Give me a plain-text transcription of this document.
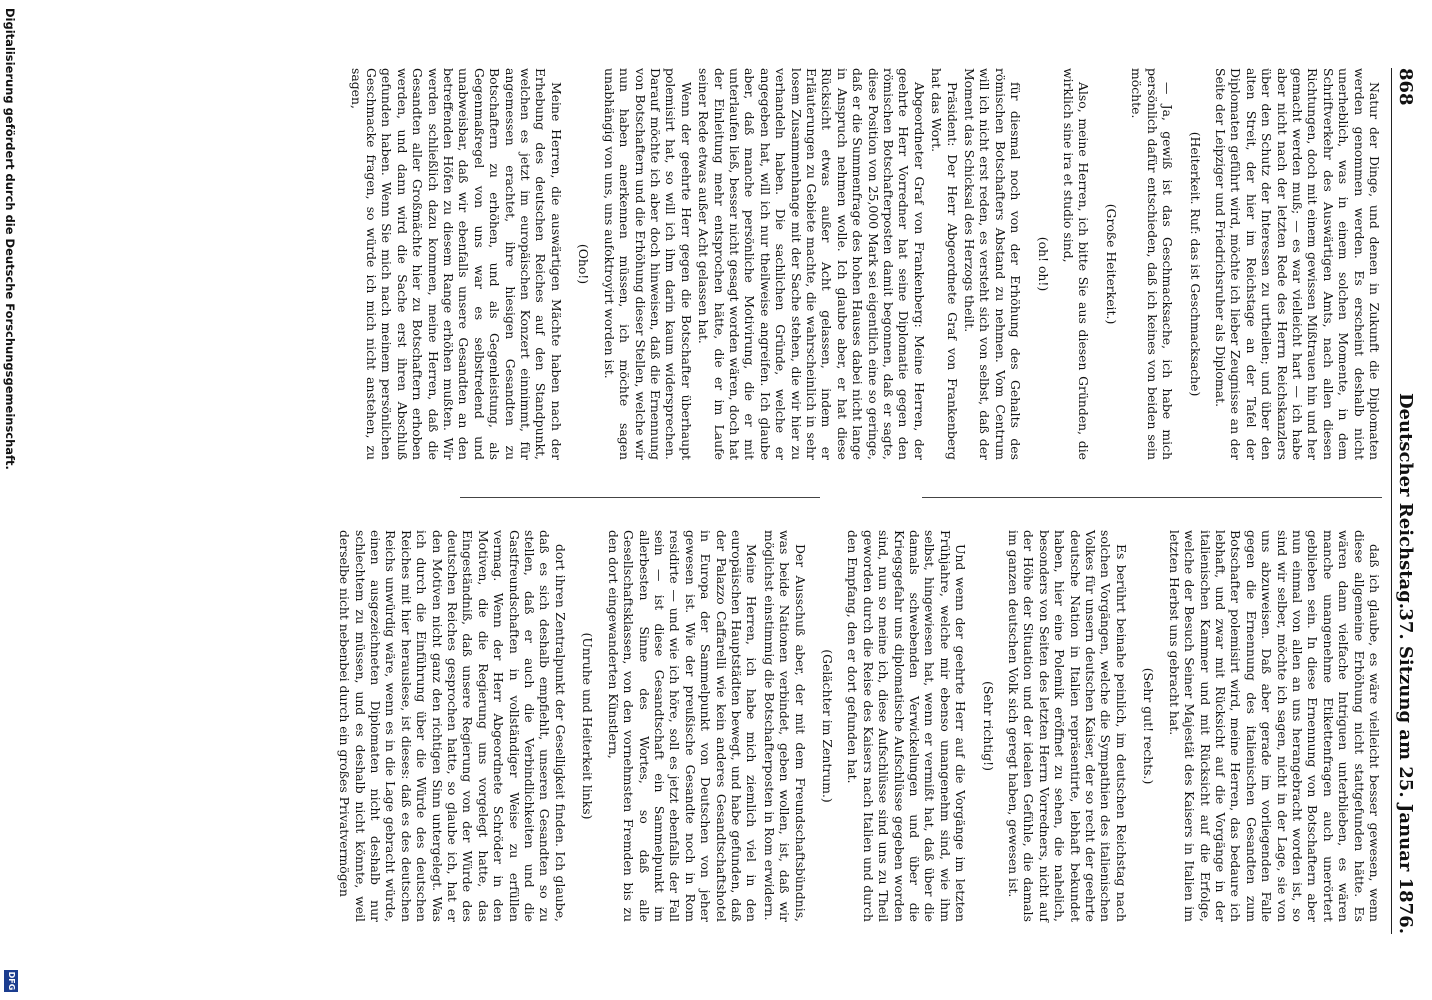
868
Deutscher Reichstag.
37. Sitzung am 25. Januar 1876.

Natur der Dinge, und denen in Zukunft die Diplomaten werden genommen werden. Es erscheint deshalb nicht unerheblich, was in einem solchen Momente, in dem Schriftverkehr des Auswärtigen Amts, nach allen diesen Richtungen, doch mit einem gewissen Mißtrauen hin und her gemacht werden muß; — es war vielleicht hart — ich habe aber nicht nach der letzten Rede des Herrn Reichskanzlers über den Schutz der Interessen zu urtheilen; und über den alten Streit, der hier im Reichstage an der Tafel der Diplomaten geführt wird, möchte ich lieber Zeugnisse an der Seite der Leipziger und Friedrichsruher als Diplomat.

(Heiterkeit. Ruf: das ist Geschmacksache)

— Ja, gewiß ist das Geschmacksache, ich habe mich persönlich dafür entschieden, daß ich keines von beiden sein möchte.

(Große Heiterkeit.)

Also, meine Herren, ich bitte Sie aus diesen Gründen, die wirklich sine ira et studio sind,

(oh! oh!)

für diesmal noch von der Erhöhung des Gehalts des römischen Botschafters Abstand zu nehmen. Vom Centrum will ich nicht erst reden, es versteht sich von selbst, daß der Moment das Schicksal des Herzogs theilt.

Präsident: Der Herr Abgeordnete Graf von Frankenberg hat das Wort.

Abgeordneter Graf von Frankenberg: Meine Herren, der geehrte Herr Vorredner hat seine Diplomatie gegen den römischen Botschafterposten damit begonnen, daß er sagte, diese Position von 25,000 Mark sei eigentlich eine so geringe, daß er die Summenfrage des hohen Hauses dabei nicht lange in Anspruch nehmen wolle. Ich glaube aber, er hat diese Rücksicht etwas außer Acht gelassen, indem er Erläuterungen zu Gebiete machte, die wahrscheinlich in sehr losem Zusammenhange mit der Sache stehen, die wir hier zu verhandeln haben. Die sachlichen Gründe, welche er angegeben hat, will ich nur theilweise angreifen. Ich glaube aber, daß manche persönliche Motivirung, die er mit unterlaufen ließ, besser nicht gesagt worden wären, doch hat der Einleitung mehr entsprochen hätte, die er im Laufe seiner Rede etwas außer Acht gelassen hat.

Wenn der geehrte Herr gegen die Botschafter überhaupt polemisirt hat, so will ich ihm darin kaum widersprechen. Darauf möchte ich aber doch hinweisen, daß die Ernennung von Botschaftern und die Erhöhung dieser Stellen, welche wir nun haben anerkennen müssen, ich möchte sagen unabhängig von uns, uns aufoktroyirt worden ist.

(Oho!)

Meine Herren, die auswärtigen Mächte haben nach der Erhebung des deutschen Reiches auf den Standpunkt, welchen es jetzt im europäischen Konzert einnimmt, für angemessen erachtet, ihre hiesigen Gesandten zu Botschaftern zu erhöhen, und als Gegenleistung, als Gegenmaßregel von uns war es selbstredend und unabweisbar, daß wir ebenfalls unsere Gesandten an den betreffenden Höfen zu diesem Range erhöhen mußten. Wir werden schließlich dazu kommen, meine Herren, daß die Gesandten aller Großmächte hier zu Botschaftern erhoben werden, und dann wird die Sache erst ihren Abschluß gefunden haben. Wenn Sie mich nach meinem persönlichen Geschmacke fragen, so würde ich mich nicht anstehen, zu sagen,

daß ich glaube, es wäre vielleicht besser gewesen, wenn diese allgemeine Erhöhung nicht stattgefunden hätte. Es wären dann vielfache Intriguen unterblieben, es wären manche unangenehme Etikettenfragen auch unerörtert geblieben sein. In diese Ernennung von Botschaftern aber nun einmal von allen an uns herangebracht worden ist, so sind wir selber, möchte ich sagen, nicht in der Lage, sie von uns abzuweisen. Daß aber gerade im vorliegenden Falle gegen die Ernennung des italienischen Gesandten zum Botschafter polemisirt wird, meine Herren, das bedaure ich lebhaft, und zwar mit Rücksicht auf die Vorgänge in der italienischen Kammer und mit Rücksicht auf die Erfolge, welche der Besuch Seiner Majestät des Kaisers in Italien im letzten Herbst uns gebracht hat.

(Sehr gut! rechts.)

Es berührt beinahe peinlich, im deutschen Reichstag nach solchen Vorgängen, welche die Sympathien des italienischen Volkes für unsern deutschen Kaiser, der so recht der geehrte deutsche Nation in Italien repräsentirte, lebhaft bekundet haben, hier eine Polemik eröffnet zu sehen, die nahelich, besonders von Seiten des letzten Herrn Vorredners, nicht auf der Höhe der Situation und der idealen Gefühle, die damals im ganzen deutschen Volk sich geregt haben, gewesen ist.

(Sehr richtig!)

Und wenn der geehrte Herr auf die Vorgänge im letzten Frühjahre, welche mir ebenso unangenehm sind, wie ihm selbst, hingewiesen hat, wenn er vermißt hat, daß über die damals schwebenden Verwickelungen und über die Kriegsgefahr uns diplomatische Aufschlüsse gegeben worden sind, nun so meine ich, diese Aufschlüsse sind uns zu Theil geworden durch die Reise des Kaisers nach Italien und durch den Empfang, den er dort gefunden hat.

(Gelächter im Zentrum.)

Der Ausschuß aber, der mit dem Freundschaftsbündnis, was beide Nationen verbindet, geben wollen, ist, daß wir möglichst einstimmig die Botschafterposten in Rom erwidern.

Meine Herren, ich habe mich ziemlich viel in den europäischen Hauptstädten bewegt, und habe gefunden, daß der Palazzo Caffarelli wie kein anderes Gesandtschaftshotel in Europa der Sammelpunkt von Deutschen von jeher gewesen ist. Wie der preußische Gesandte noch in Rom residirte — und wie ich höre, soll es jetzt ebenfalls der Fall sein — ist diese Gesandtschaft ein Sammelpunkt im allerbesten Sinne des Wortes, so daß alle Gesellschaftsklassen, von den vornehmsten Fremden bis zu den dort eingewanderten Künstlern,

(Unruhe und Heiterkeit links)

dort ihren Zentralpunkt der Geselligkeit finden. Ich glaube, daß es sich deshalb empfiehlt, unseren Gesandten so zu stellen, daß er auch die Verbindlichkeiten und die Gastfreundschaften in vollständiger Weise zu erfüllen vermag. Wenn der Herr Abgeordnete Schröder in den Motiven, die die Regierung uns vorgelegt hatte, das Eingeständniß, daß unsere Regierung von der Würde des deutschen Reiches gesprochen hatte, so glaube ich, hat er den Motiven nicht ganz den richtigen Sinn untergelegt. Was ich durch die Einführung über die Würde des deutschen Reiches mit hier herauslese, ist dieses: daß es des deutschen Reichs unwürdig wäre, wenn es in die Lage gebracht würde, einen ausgezeichneten Diplomaten nicht deshalb nur schlechtem zu müssen, und es deshalb nicht könnte, weil derselbe nicht nebenbei durch ein großes Privatvermögen

Digitalisierung gefördert durch die Deutsche Forschungsgemeinschaft.
DFG
